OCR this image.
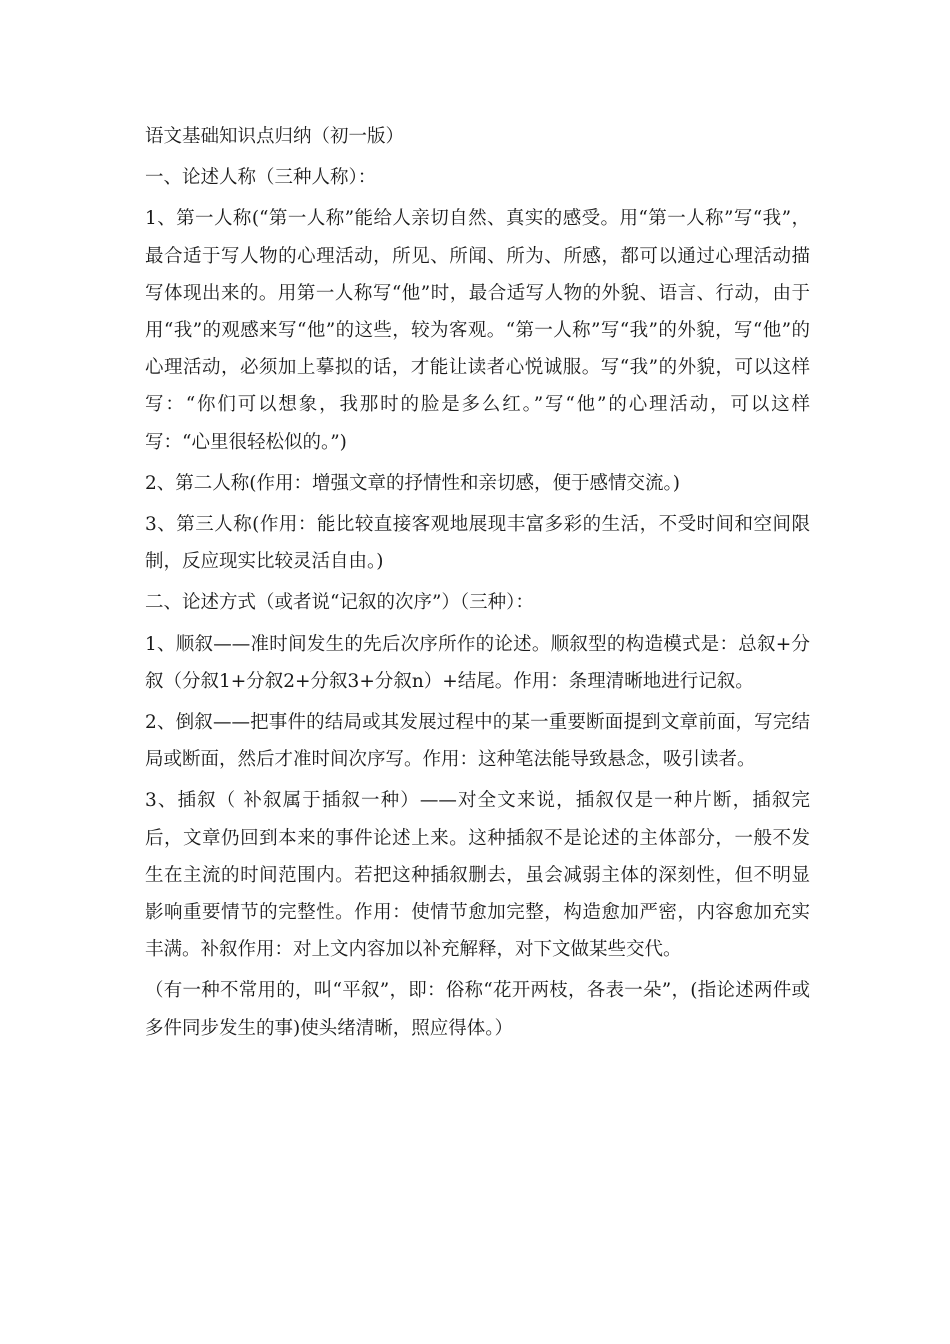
语文基础知识点归纳（初一版）

一、论述人称（三种人称）：

1、第一人称(“第一人称”能给人亲切自然、真实的感受。用“第一人称”写“我”，最合适于写人物的心理活动，所见、所闻、所为、所感，都可以通过心理活动描写体现出来的。用第一人称写“他”时，最合适写人物的外貌、语言、行动，由于用“我”的观感来写“他”的这些，较为客观。“第一人称”写“我”的外貌，写“他”的心理活动，必须加上摹拟的话，才能让读者心悦诚服。写“我”的外貌，可以这样写：“你们可以想象，我那时的脸是多么红。”写“他”的心理活动，可以这样写：“心里很轻松似的。”)

2、第二人称(作用：增强文章的抒情性和亲切感，便于感情交流。)

3、第三人称(作用：能比较直接客观地展现丰富多彩的生活，不受时间和空间限制，反应现实比较灵活自由。)

二、论述方式（或者说“记叙的次序”）（三种）：

1、顺叙——准时间发生的先后次序所作的论述。顺叙型的构造模式是：总叙+分叙（分叙1+分叙2+分叙3+分叙n）+结尾。作用：条理清晰地进行记叙。

2、倒叙——把事件的结局或其发展过程中的某一重要断面提到文章前面，写完结局或断面，然后才准时间次序写。作用：这种笔法能导致悬念，吸引读者。

3、插叙（ 补叙属于插叙一种）——对全文来说，插叙仅是一种片断，插叙完后，文章仍回到本来的事件论述上来。这种插叙不是论述的主体部分，一般不发生在主流的时间范围内。若把这种插叙删去，虽会减弱主体的深刻性，但不明显影响重要情节的完整性。作用：使情节愈加完整，构造愈加严密，内容愈加充实丰满。补叙作用：对上文内容加以补充解释，对下文做某些交代。

（有一种不常用的，叫“平叙”，即：俗称“花开两枝，各表一朵”，(指论述两件或多件同步发生的事)使头绪清晰，照应得体。）
